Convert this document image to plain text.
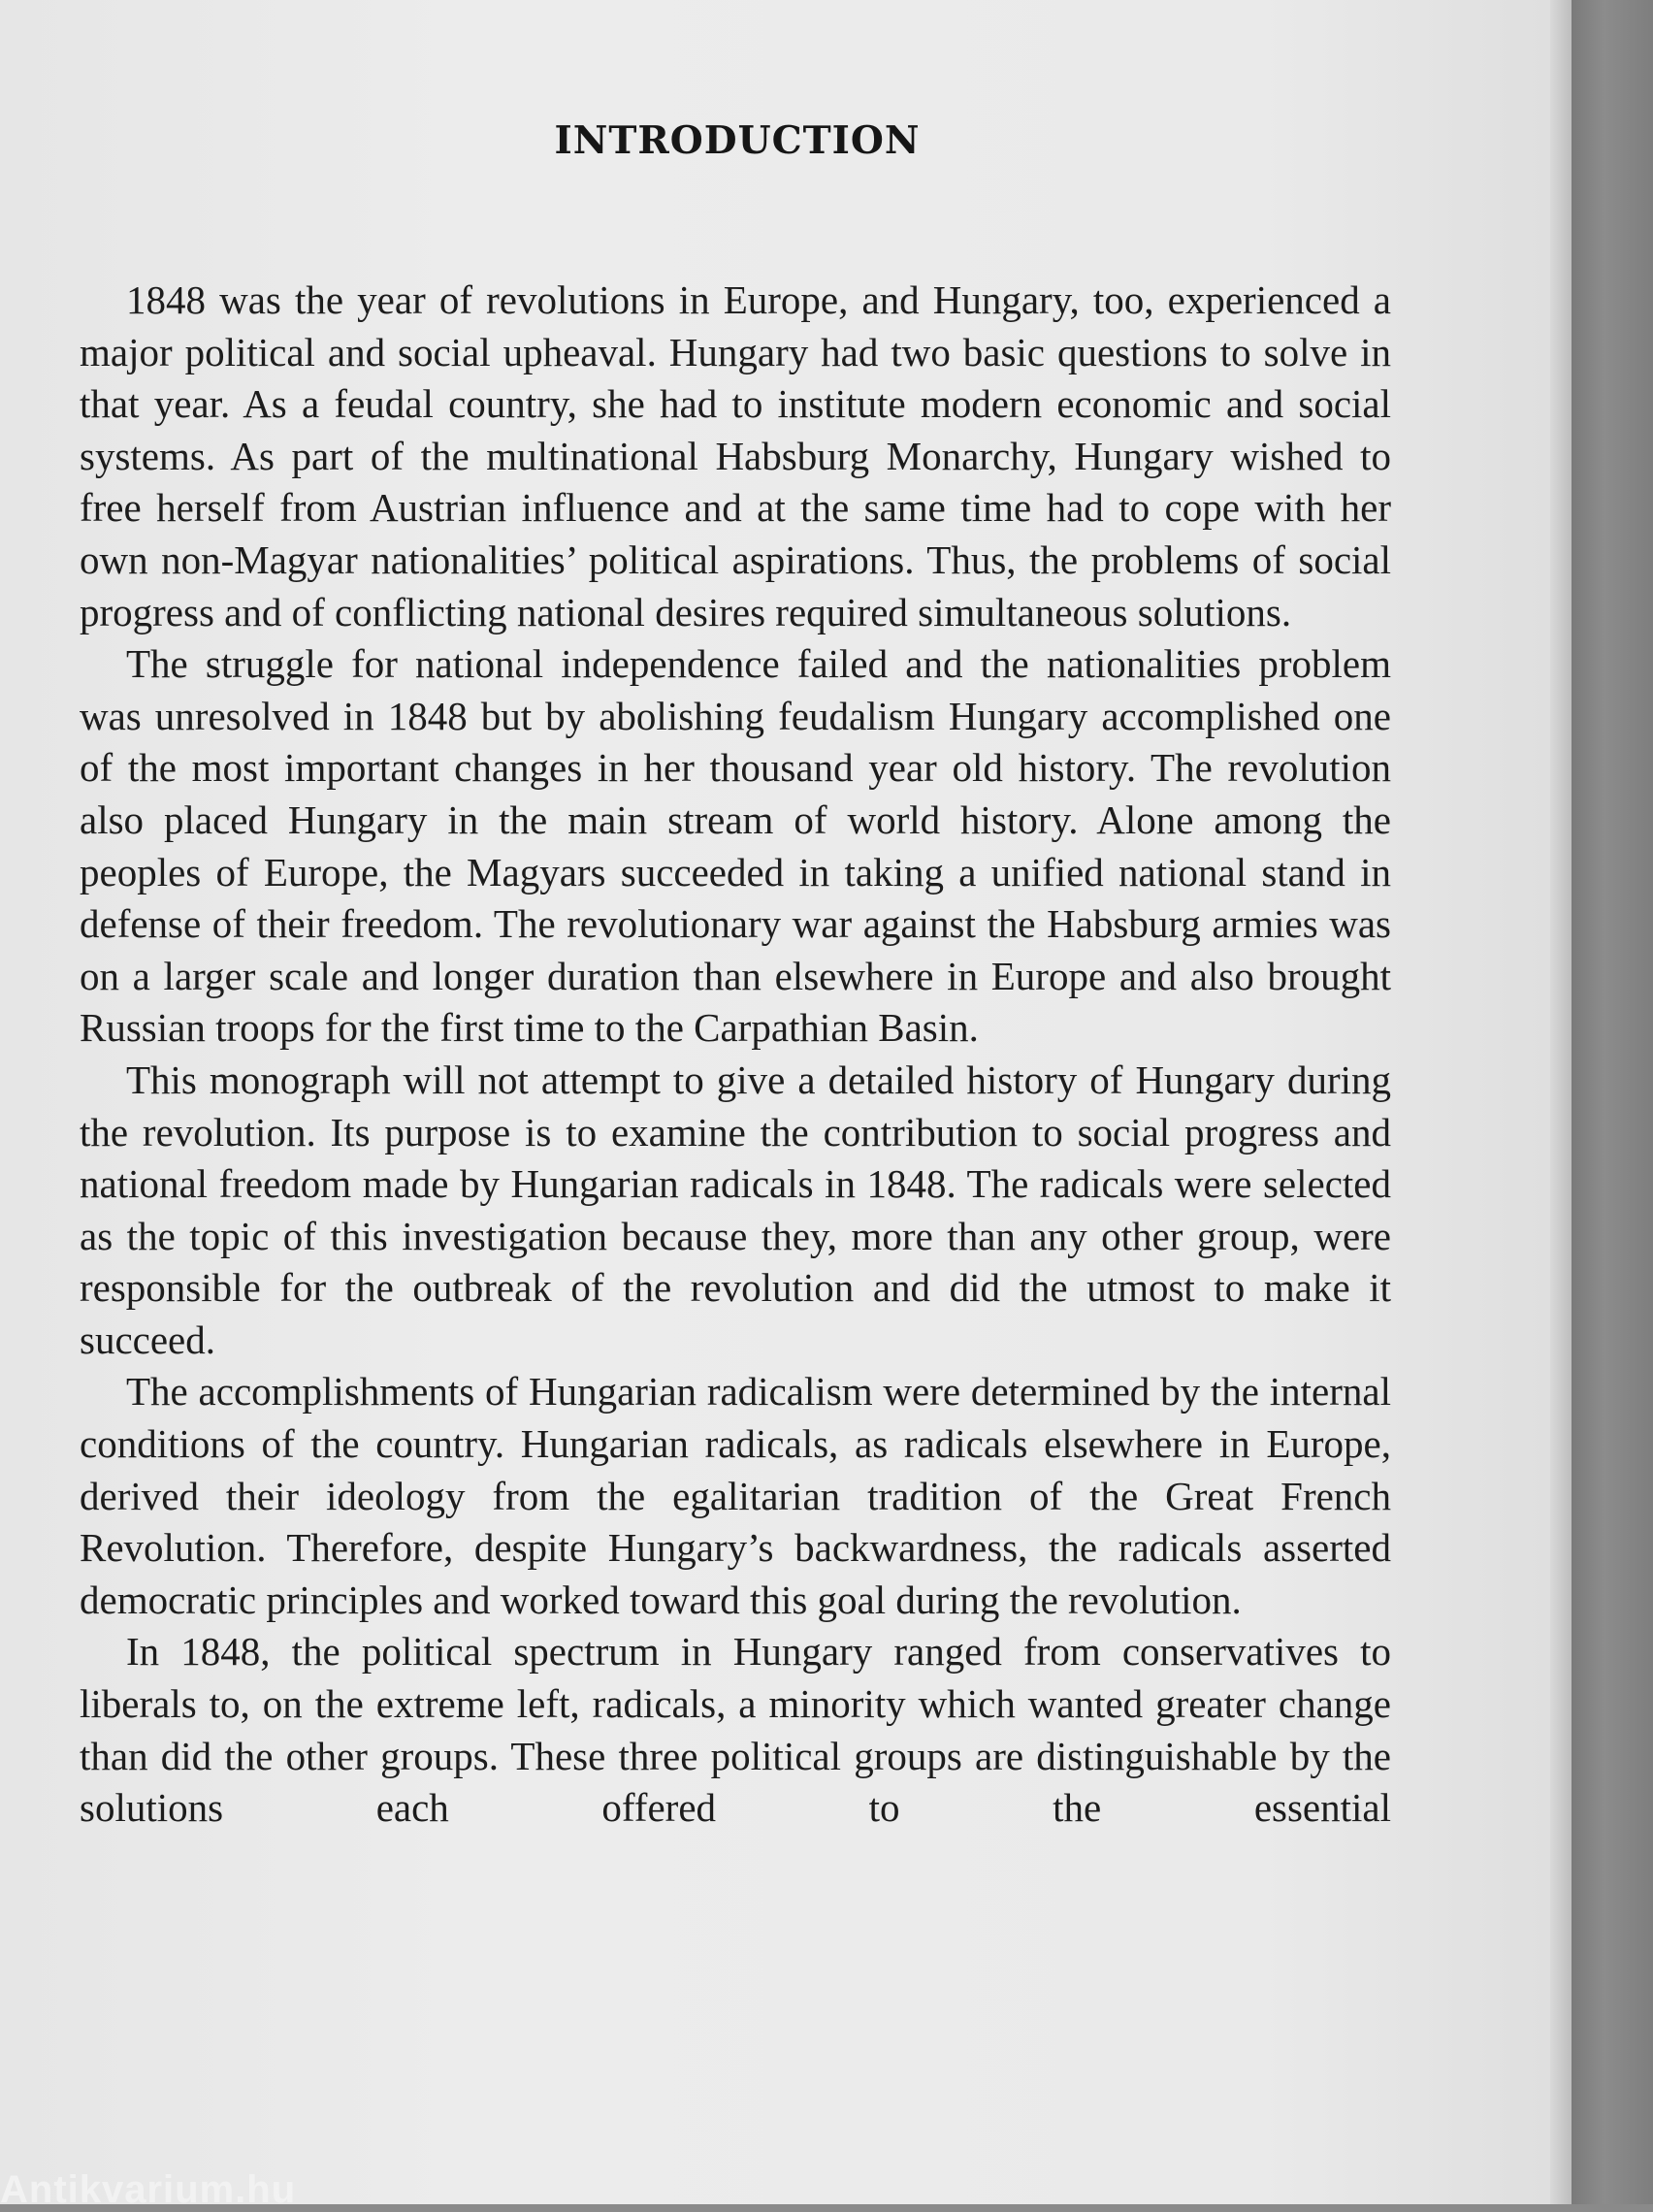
INTRODUCTION

1848 was the year of revolutions in Europe, and Hungary, too, experienced a major political and social upheaval. Hungary had two basic questions to solve in that year. As a feudal country, she had to institute modern economic and social systems. As part of the multinational Habsburg Monarchy, Hungary wished to free herself from Austrian influence and at the same time had to cope with her own non-Magyar nationalities’ political aspirations. Thus, the problems of social progress and of conflicting national desires required simultaneous solutions.

The struggle for national independence failed and the nationalities problem was unresolved in 1848 but by abolishing feudalism Hungary accomplished one of the most important changes in her thousand year old history. The revolution also placed Hungary in the main stream of world history. Alone among the peoples of Europe, the Magyars succeeded in taking a unified national stand in defense of their freedom. The revolutionary war against the Habsburg armies was on a larger scale and longer duration than elsewhere in Europe and also brought Russian troops for the first time to the Carpathian Basin.

This monograph will not attempt to give a detailed history of Hungary during the revolution. Its purpose is to examine the contribution to social progress and national freedom made by Hungarian radicals in 1848. The radicals were selected as the topic of this investigation because they, more than any other group, were responsible for the outbreak of the revolution and did the utmost to make it succeed.

The accomplishments of Hungarian radicalism were determined by the internal conditions of the country. Hungarian radicals, as radicals elsewhere in Europe, derived their ideology from the egalitarian tradition of the Great French Revolution. Therefore, despite Hungary’s backwardness, the radicals asserted democratic principles and worked toward this goal during the revolution.

In 1848, the political spectrum in Hungary ranged from conservatives to liberals to, on the extreme left, radicals, a minority which wanted greater change than did the other groups. These three political groups are distinguishable by the solutions each offered to the essential

Antikvarium.hu
